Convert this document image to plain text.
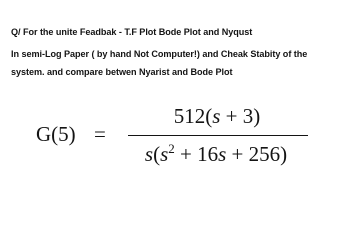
Q/ For the unite Feadbak - T.F Plot Bode Plot and Nyqust
In semi-Log Paper ( by hand Not Computer!) and Cheak Stabity of the
system. and compare betwen Nyarist and Bode Plot
G(5) =
512(s + 3)
$s(s^2 + 16s + 256)$
